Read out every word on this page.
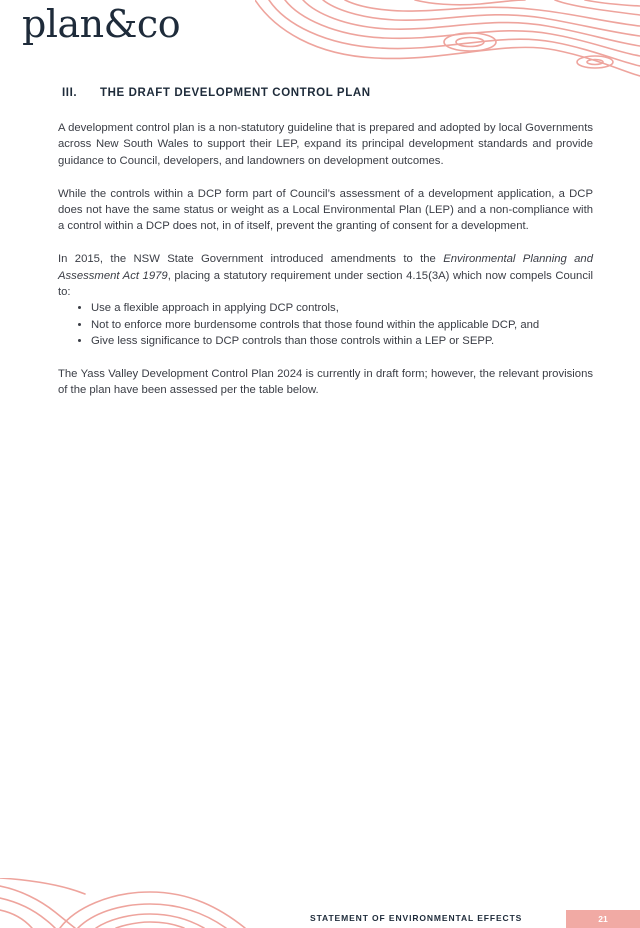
plan&co
III. THE DRAFT DEVELOPMENT CONTROL PLAN

A development control plan is a non-statutory guideline that is prepared and adopted by local Governments across New South Wales to support their LEP, expand its principal development standards and provide guidance to Council, developers, and landowners on development outcomes.

While the controls within a DCP form part of Council’s assessment of a development application, a DCP does not have the same status or weight as a Local Environmental Plan (LEP) and a non-compliance with a control within a DCP does not, in of itself, prevent the granting of consent for a development.

In 2015, the NSW State Government introduced amendments to the Environmental Planning and Assessment Act 1979, placing a statutory requirement under section 4.15(3A) which now compels Council to:

• Use a flexible approach in applying DCP controls,
• Not to enforce more burdensome controls that those found within the applicable DCP, and
• Give less significance to DCP controls than those controls within a LEP or SEPP.

The Yass Valley Development Control Plan 2024 is currently in draft form; however, the relevant provisions of the plan have been assessed per the table below.

STATEMENT OF ENVIRONMENTAL EFFECTS	21
